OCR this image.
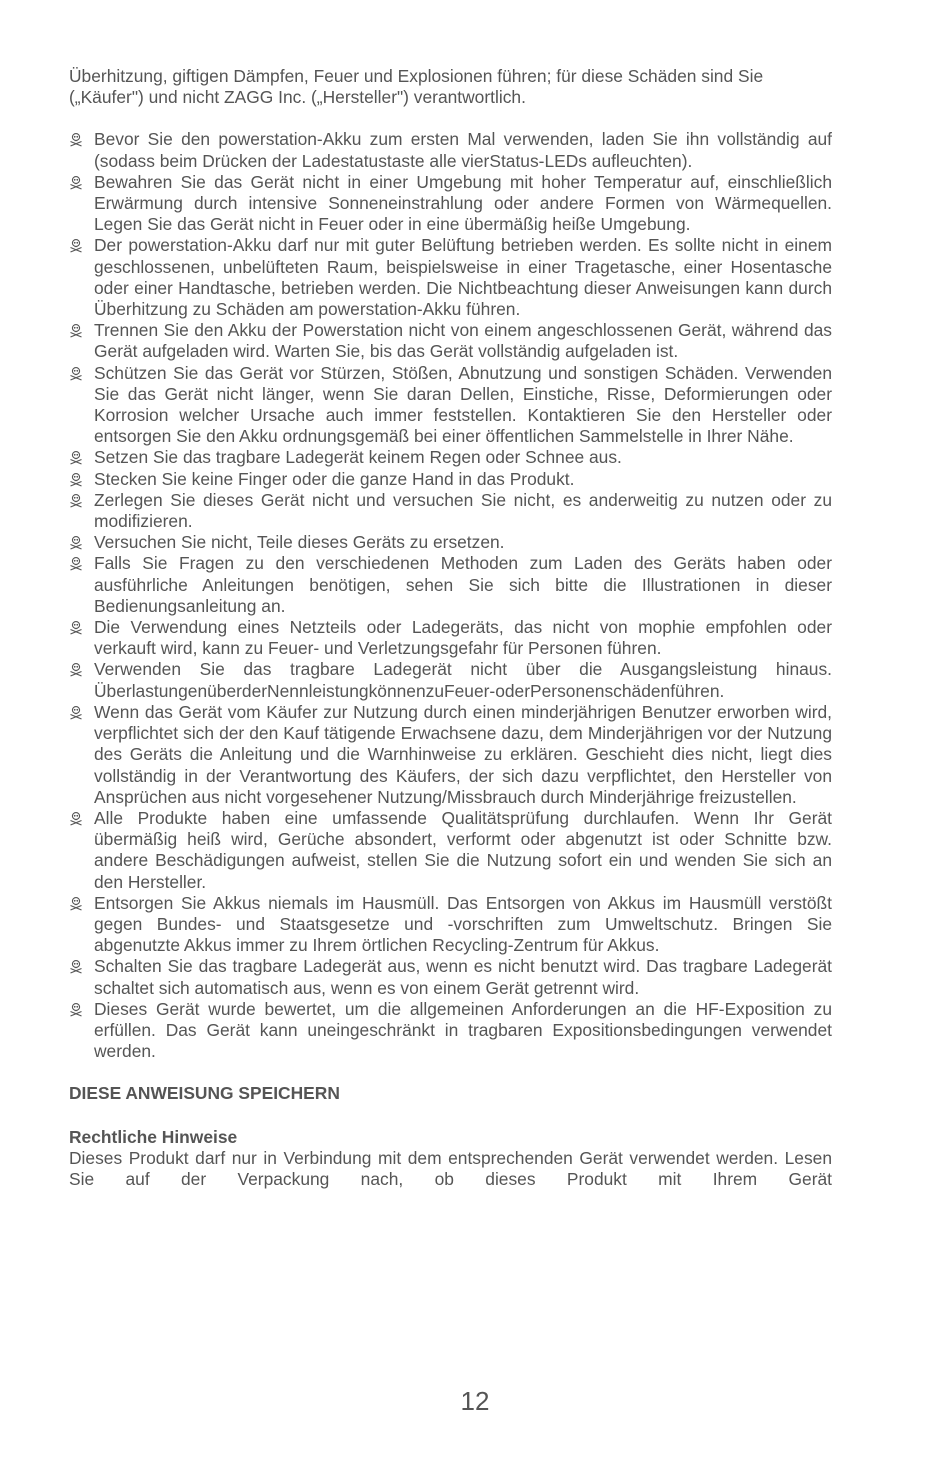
Überhitzung, giftigen Dämpfen, Feuer und Explosionen führen; für diese Schäden sind Sie („Käufer") und nicht ZAGG Inc. („Hersteller") verantwortlich.

Bevor Sie den powerstation-Akku zum ersten Mal verwenden, laden Sie ihn vollständig auf (sodass beim Drücken der Ladestatustaste alle vierStatus-LEDs aufleuchten).
Bewahren Sie das Gerät nicht in einer Umgebung mit hoher Temperatur auf, einschließlich Erwärmung durch intensive Sonneneinstrahlung oder andere Formen von Wärmequellen. Legen Sie das Gerät nicht in Feuer oder in eine übermäßig heiße Umgebung.
Der powerstation-Akku darf nur mit guter Belüftung betrieben werden. Es sollte nicht in einem geschlossenen, unbelüfteten Raum, beispielsweise in einer Tragetasche, einer Hosentasche oder einer Handtasche, betrieben werden. Die Nichtbeachtung dieser Anweisungen kann durch Überhitzung zu Schäden am powerstation-Akku führen.
Trennen Sie den Akku der Powerstation nicht von einem angeschlossenen Gerät, während das Gerät aufgeladen wird. Warten Sie, bis das Gerät vollständig aufgeladen ist.
Schützen Sie das Gerät vor Stürzen, Stößen, Abnutzung und sonstigen Schäden. Verwenden Sie das Gerät nicht länger, wenn Sie daran Dellen, Einstiche, Risse, Deformierungen oder Korrosion welcher Ursache auch immer feststellen. Kontaktieren Sie den Hersteller oder entsorgen Sie den Akku ordnungsgemäß bei einer öffentlichen Sammelstelle in Ihrer Nähe.
Setzen Sie das tragbare Ladegerät keinem Regen oder Schnee aus.
Stecken Sie keine Finger oder die ganze Hand in das Produkt.
Zerlegen Sie dieses Gerät nicht und versuchen Sie nicht, es anderweitig zu nutzen oder zu modifizieren.
Versuchen Sie nicht, Teile dieses Geräts zu ersetzen.
Falls Sie Fragen zu den verschiedenen Methoden zum Laden des Geräts haben oder ausführliche Anleitungen benötigen, sehen Sie sich bitte die Illustrationen in dieser Bedienungsanleitung an.
Die Verwendung eines Netzteils oder Ladegeräts, das nicht von mophie empfohlen oder verkauft wird, kann zu Feuer- und Verletzungsgefahr für Personen führen.
Verwenden Sie das tragbare Ladegerät nicht über die Ausgangsleistung hinaus. ÜberlastungenüberderNennleistungkönnenzuFeuer-oderPersonenschädenführen.
Wenn das Gerät vom Käufer zur Nutzung durch einen minderjährigen Benutzer erworben wird, verpflichtet sich der den Kauf tätigende Erwachsene dazu, dem Minderjährigen vor der Nutzung des Geräts die Anleitung und die Warnhinweise zu erklären. Geschieht dies nicht, liegt dies vollständig in der Verantwortung des Käufers, der sich dazu verpflichtet, den Hersteller von Ansprüchen aus nicht vorgesehener Nutzung/Missbrauch durch Minderjährige freizustellen.
Alle Produkte haben eine umfassende Qualitätsprüfung durchlaufen. Wenn Ihr Gerät übermäßig heiß wird, Gerüche absondert, verformt oder abgenutzt ist oder Schnitte bzw. andere Beschädigungen aufweist, stellen Sie die Nutzung sofort ein und wenden Sie sich an den Hersteller.
Entsorgen Sie Akkus niemals im Hausmüll. Das Entsorgen von Akkus im Hausmüll verstößt gegen Bundes- und Staatsgesetze und -vorschriften zum Umweltschutz. Bringen Sie abgenutzte Akkus immer zu Ihrem örtlichen Recycling-Zentrum für Akkus.
Schalten Sie das tragbare Ladegerät aus, wenn es nicht benutzt wird. Das tragbare Ladegerät schaltet sich automatisch aus, wenn es von einem Gerät getrennt wird.
Dieses Gerät wurde bewertet, um die allgemeinen Anforderungen an die HF-Exposition zu erfüllen. Das Gerät kann uneingeschränkt in tragbaren Expositionsbedingungen verwendet werden.
DIESE ANWEISUNG SPEICHERN
Rechtliche Hinweise

Dieses Produkt darf nur in Verbindung mit dem entsprechenden Gerät verwendet werden. Lesen Sie auf der Verpackung nach, ob dieses Produkt mit Ihrem Gerät

12
